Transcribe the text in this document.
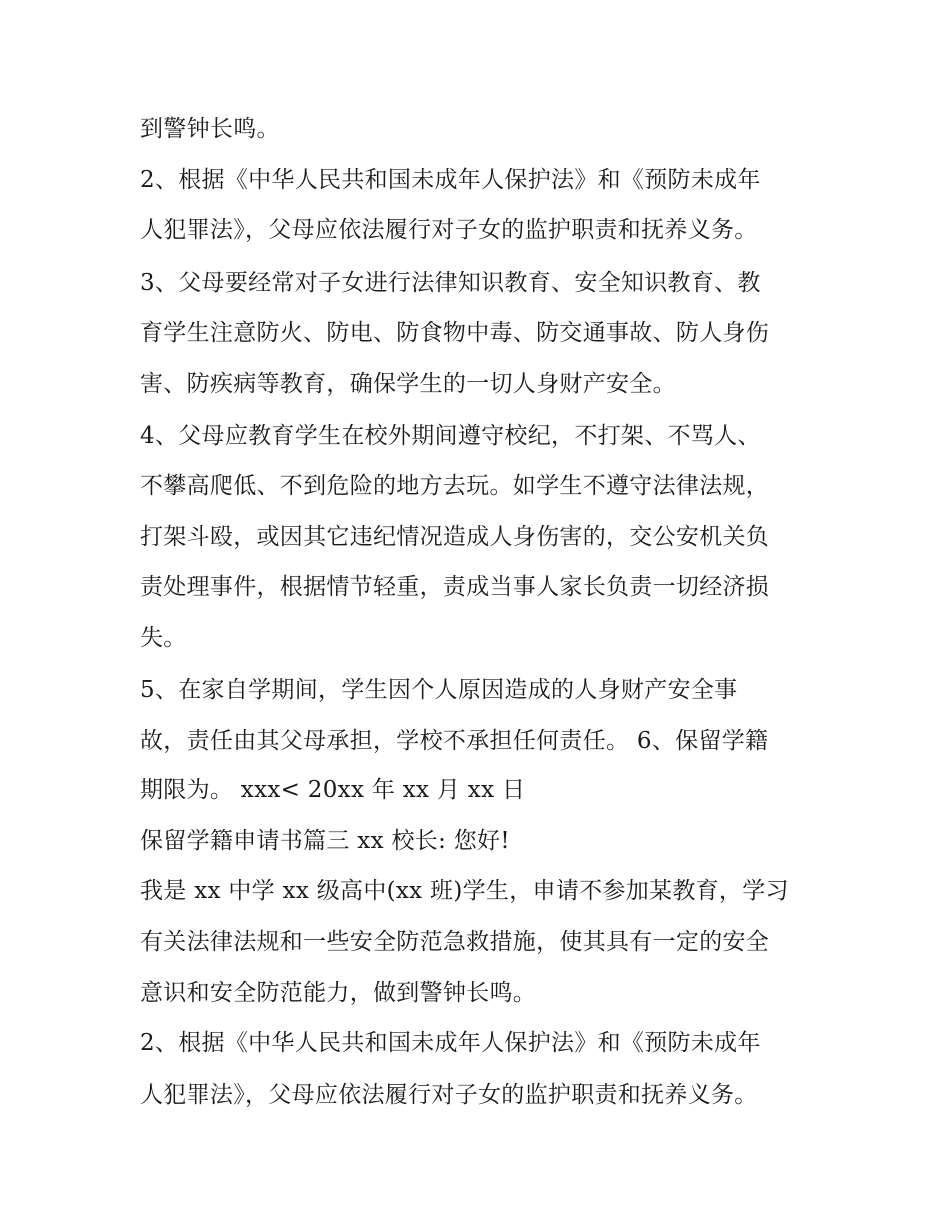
到警钟长鸣。
2、根据《中华人民共和国未成年人保护法》和《预防未成年
人犯罪法》，父母应依法履行对子女的监护职责和抚养义务。
3、父母要经常对子女进行法律知识教育、安全知识教育、教
育学生注意防火、防电、防食物中毒、防交通事故、防人身伤
害、防疾病等教育，确保学生的一切人身财产安全。
4、父母应教育学生在校外期间遵守校纪，不打架、不骂人、
不攀高爬低、不到危险的地方去玩。如学生不遵守法律法规，
打架斗殴，或因其它违纪情况造成人身伤害的，交公安机关负
责处理事件，根据情节轻重，责成当事人家长负责一切经济损
失。
5、在家自学期间，学生因个人原因造成的人身财产安全事
故，责任由其父母承担，学校不承担任何责任。 6、保留学籍
期限为。 xxx< 20xx 年 xx 月 xx 日
保留学籍申请书篇三 xx 校长: 您好!
我是 xx 中学 xx 级高中(xx 班)学生，申请不参加某教育，学习
有关法律法规和一些安全防范急救措施，使其具有一定的安全
意识和安全防范能力，做到警钟长鸣。
2、根据《中华人民共和国未成年人保护法》和《预防未成年
人犯罪法》，父母应依法履行对子女的监护职责和抚养义务。
